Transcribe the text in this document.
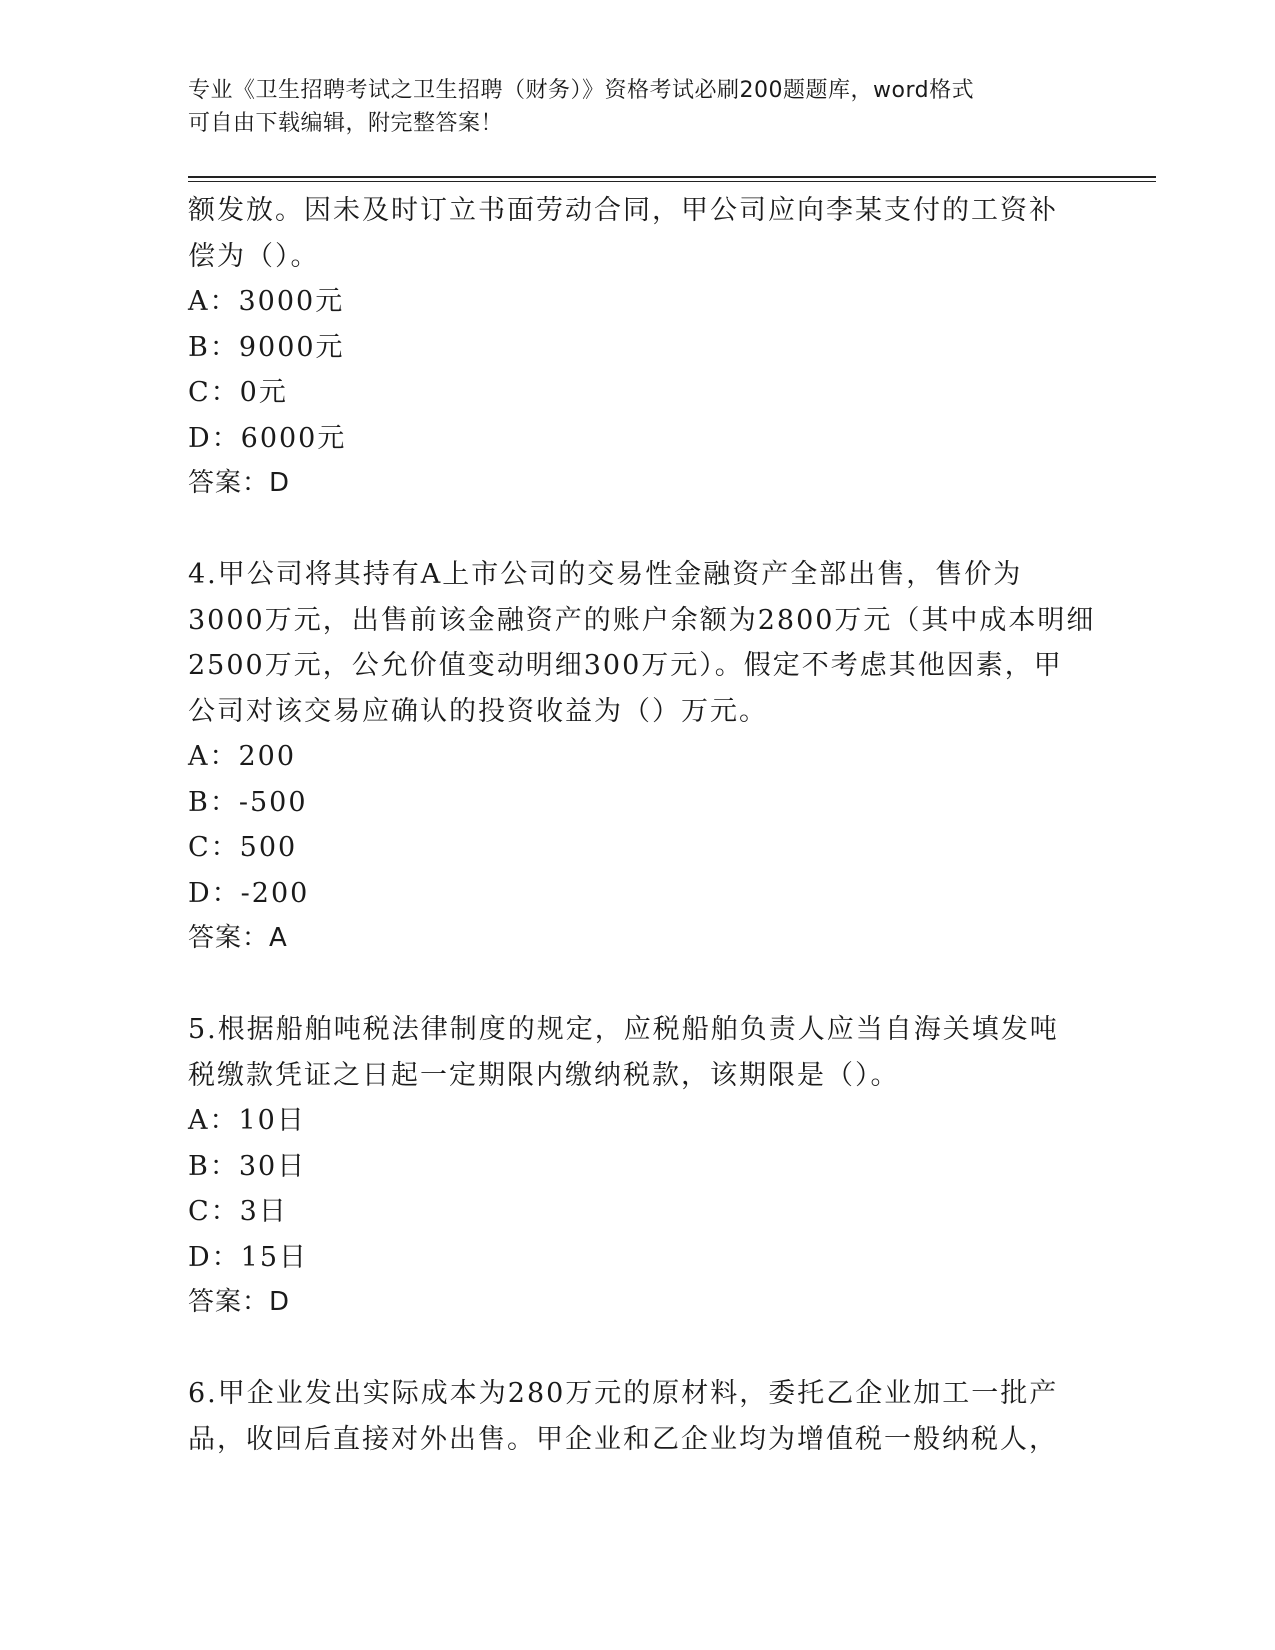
专业《卫生招聘考试之卫生招聘（财务）》资格考试必刷200题题库，word格式
可自由下载编辑，附完整答案！
额发放。因未及时订立书面劳动合同，甲公司应向李某支付的工资补
偿为（）。
A：3000元
B：9000元
C：0元
D：6000元
答案：D
4.甲公司将其持有A上市公司的交易性金融资产全部出售，售价为
3000万元，出售前该金融资产的账户余额为2800万元（其中成本明细
2500万元，公允价值变动明细300万元）。假定不考虑其他因素，甲
公司对该交易应确认的投资收益为（）万元。
A：200
B：-500
C：500
D：-200
答案：A
5.根据船舶吨税法律制度的规定，应税船舶负责人应当自海关填发吨
税缴款凭证之日起一定期限内缴纳税款，该期限是（）。
A：10日
B：30日
C：3日
D：15日
答案：D
6.甲企业发出实际成本为280万元的原材料，委托乙企业加工一批产
品，收回后直接对外出售。甲企业和乙企业均为增值税一般纳税人，
